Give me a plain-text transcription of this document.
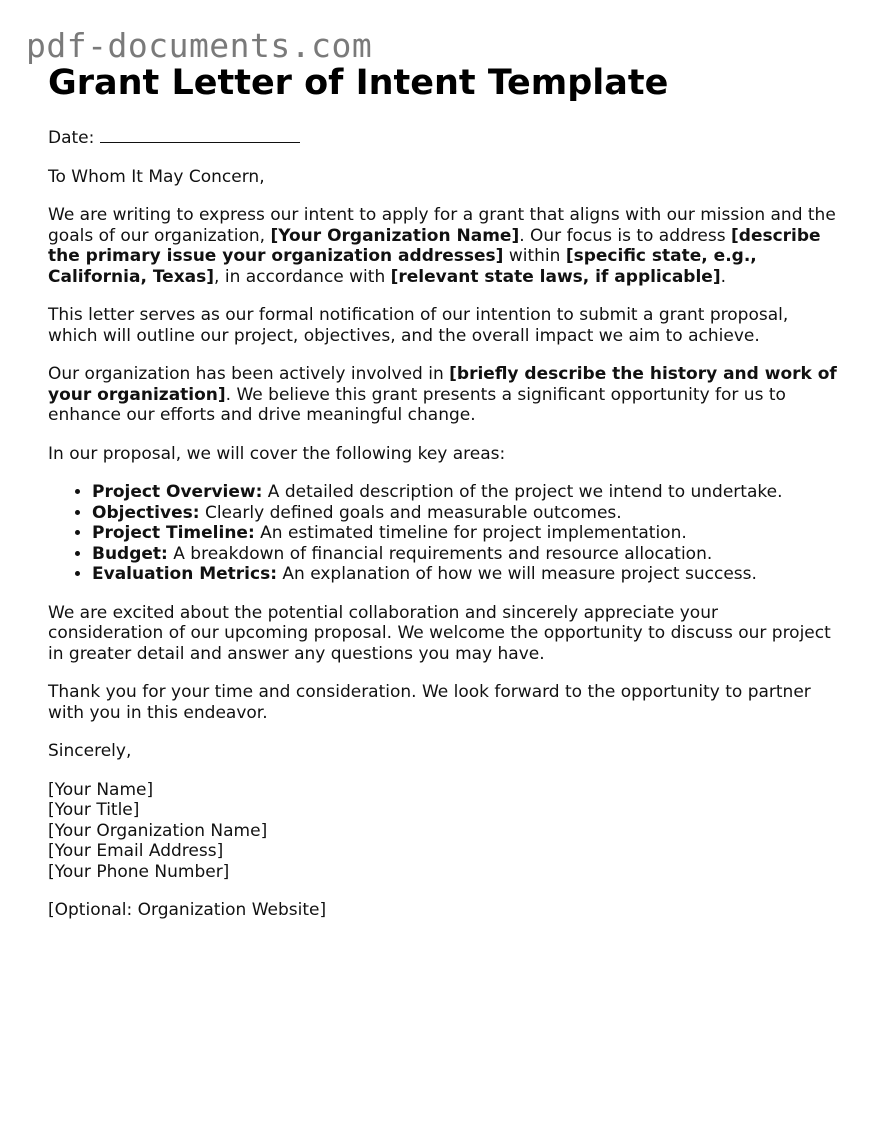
pdf-documents.com
Grant Letter of Intent Template

Date:

To Whom It May Concern,

We are writing to express our intent to apply for a grant that aligns with our mission and the goals of our organization, [Your Organization Name]. Our focus is to address [describe the primary issue your organization addresses] within [specific state, e.g., California, Texas], in accordance with [relevant state laws, if applicable].

This letter serves as our formal notification of our intention to submit a grant proposal, which will outline our project, objectives, and the overall impact we aim to achieve.

Our organization has been actively involved in [briefly describe the history and work of your organization]. We believe this grant presents a significant opportunity for us to enhance our efforts and drive meaningful change.

In our proposal, we will cover the following key areas:

• Project Overview: A detailed description of the project we intend to undertake.
• Objectives: Clearly defined goals and measurable outcomes.
• Project Timeline: An estimated timeline for project implementation.
• Budget: A breakdown of financial requirements and resource allocation.
• Evaluation Metrics: An explanation of how we will measure project success.

We are excited about the potential collaboration and sincerely appreciate your consideration of our upcoming proposal. We welcome the opportunity to discuss our project in greater detail and answer any questions you may have.

Thank you for your time and consideration. We look forward to the opportunity to partner with you in this endeavor.

Sincerely,

[Your Name]

[Your Title]

[Your Organization Name]

[Your Email Address]

[Your Phone Number]

[Optional: Organization Website]
